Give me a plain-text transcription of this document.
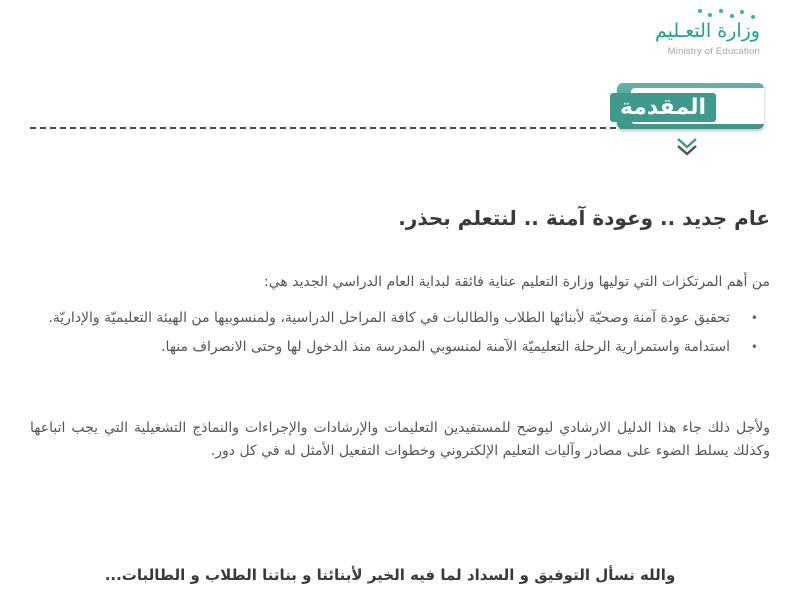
وزارة التعـليم
Ministry of Education
المقدمة
عام جديد .. وعودة آمنة .. لنتعلم بحذر.
من أهم المرتكزات التي توليها وزارة التعليم عناية فائقة لبداية العام الدراسي الجديد هي:
•
تحقيق عودة آمنة وصحيّة لأبنائها الطلاب والطالبات في كافة المراحل الدراسية، ولمنسوبيها من الهيئة التعليميّة والإداريّة.
•
استدامة واستمرارية الرحلة التعليميّة الآمنة لمنسوبي المدرسة منذ الدخول لها وحتى الانصراف منها.
ولأجل ذلك جاء هذا الدليل الارشادي ليوضح للمستفيدين التعليمات والإرشادات والإجراءات والنماذج التشغيلية التي يجب اتباعها وكذلك يسلط الضوء على مصادر وآليات التعليم الإلكتروني وخطوات التفعيل الأمثل له في كل دور.
والله نسأل التوفيق و السداد لما فيه الخير لأبنائنا و بناتنا الطلاب و الطالبات...
